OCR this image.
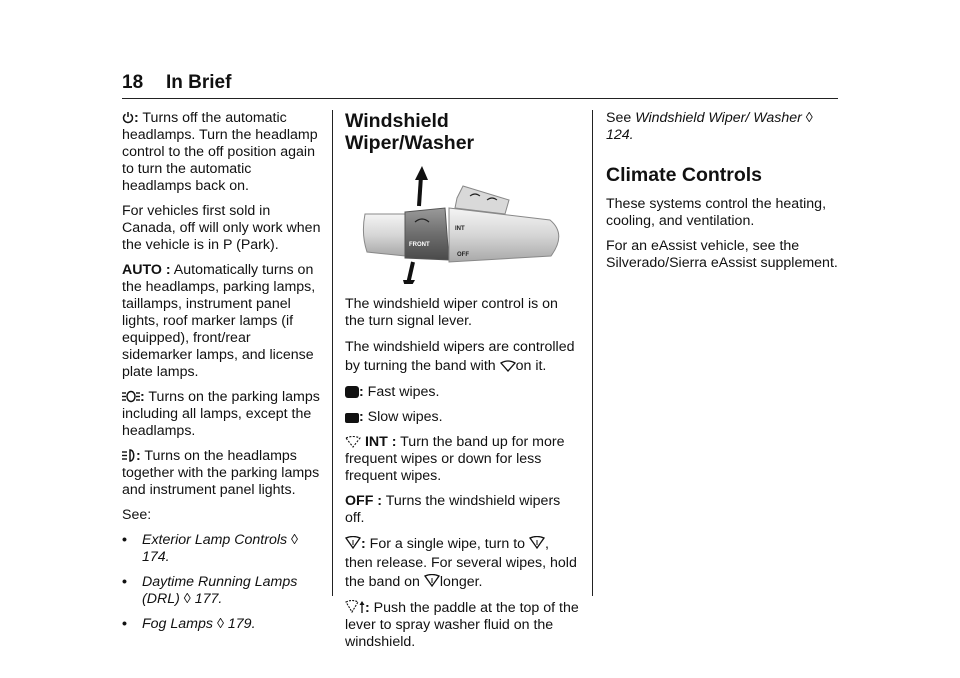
18 In Brief

: Turns off the automatic headlamps. Turn the headlamp control to the off position again to turn the automatic headlamps back on.

For vehicles first sold in Canada, off will only work when the vehicle is in P (Park).

AUTO : Automatically turns on the headlamps, parking lamps, taillamps, instrument panel lights, roof marker lamps (if equipped), front/rear sidemarker lamps, and license plate lamps.

: Turns on the parking lamps including all lamps, except the headlamps.

: Turns on the headlamps together with the parking lamps and instrument panel lights.

See:

•	Exterior Lamp Controls ◊ 174.
•	Daytime Running Lamps (DRL) ◊ 177.
•	Fog Lamps ◊ 179.
Windshield Wiper/Washer
FRONT
INT
OFF

The windshield wiper control is on the turn signal lever.

The windshield wipers are controlled by turning the band with on it.

: Fast wipes.

: Slow wipes.

INT : Turn the band up for more frequent wipes or down for less frequent wipes.

OFF : Turns the windshield wipers off.

: For a single wipe, turn to , then release. For several wipes, hold the band on longer.

: Push the paddle at the top of the lever to spray washer fluid on the windshield.

See Windshield Wiper/ Washer ◊ 124.

Climate Controls

These systems control the heating, cooling, and ventilation.

For an eAssist vehicle, see the Silverado/Sierra eAssist supplement.
